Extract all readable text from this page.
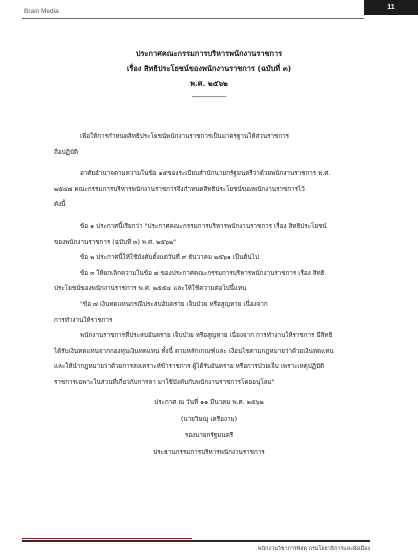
Brain Media
11
ประกาศคณะกรรมการบริหารพนักงานราชการ
เรื่อง สิทธิประโยชน์ของพนักงานราชการ (ฉบับที่ ๓)
พ.ศ. ๒๕๖๒
-----------------

เพื่อให้การกำหนดสิทธิประโยชน์พนักงานราชการเป็นมาตรฐานให้ส่วนราชการ

ถือปฏิบัติ

อาศัยอำนาจตามความในข้อ ๑๕ของระเบียบสำนักนายกรัฐมนตรีว่าด้วยพนักงานราชการ พ.ศ.

๒๕๔๗ คณะกรรมการบริหารพนักงานราชการจึงกำหนดสิทธิประโยชน์ของพนักงานราชการไว้

ดังนี้

ข้อ ๑ ประกาศนี้เรียกว่า "ประกาศคณะกรรมการบริหารพนักงานราชการ เรื่อง สิทธิประโยชน์

ของพนักงานราชการ (ฉบับที่ ๓) พ.ศ. ๒๕๖๒"

ข้อ ๒ ประกาศนี้ให้ใช้บังคับตั้งแต่วันที่ ๙ ธันวาคม ๒๕๖๑ เป็นต้นไป

ข้อ ๓ ให้ยกเลิกความในข้อ ๗ ของประกาศคณะกรรมการบริหารพนักงานราชการ เรื่อง สิทธิ

ประโยชน์ของพนักงานราชการ พ.ศ. ๒๕๕๔ และให้ใช้ความต่อไปนี้แทน

"ข้อ ๗ เงินทดแทนกรณีประสบอันตราย เจ็บป่วย หรือสูญหาย เนื่องจาก

การทำงานให้ราชการ

พนักงานราชการที่ประสบอันตราย เจ็บป่วย หรือสูญหาย เนื่องจาก การทำงานให้ราชการ มีสิทธิ

ได้รับเงินทดแทนจากกองทุนเงินทดแทน ทั้งนี้ ตามหลักเกณฑ์และ เงื่อนไขตามกฎหมายว่าด้วยเงินทดแทน

และให้นำกฎหมายว่าด้วยการสงเคราะห์ข้าราชการ ผู้ได้รับอันตราย หรือการป่วยเจ็บ เพราะเหตุปฏิบัติ

ราชการเฉพาะในส่วนที่เกี่ยวกับการลา มาใช้บังคับกับพนักงานราชการโดยอนุโลม"

ประกาศ ณ วันที่ ๑๑ มีนาคม พ.ศ. ๒๕๖๒

(นายวิษณุ เครืองาม)

รองนายกรัฐมนตรี

ประธานกรรมการบริหารพนักงานราชการ

พนักงานวิชาการพัสดุ กรมโยธาธิการและผังเมือง
